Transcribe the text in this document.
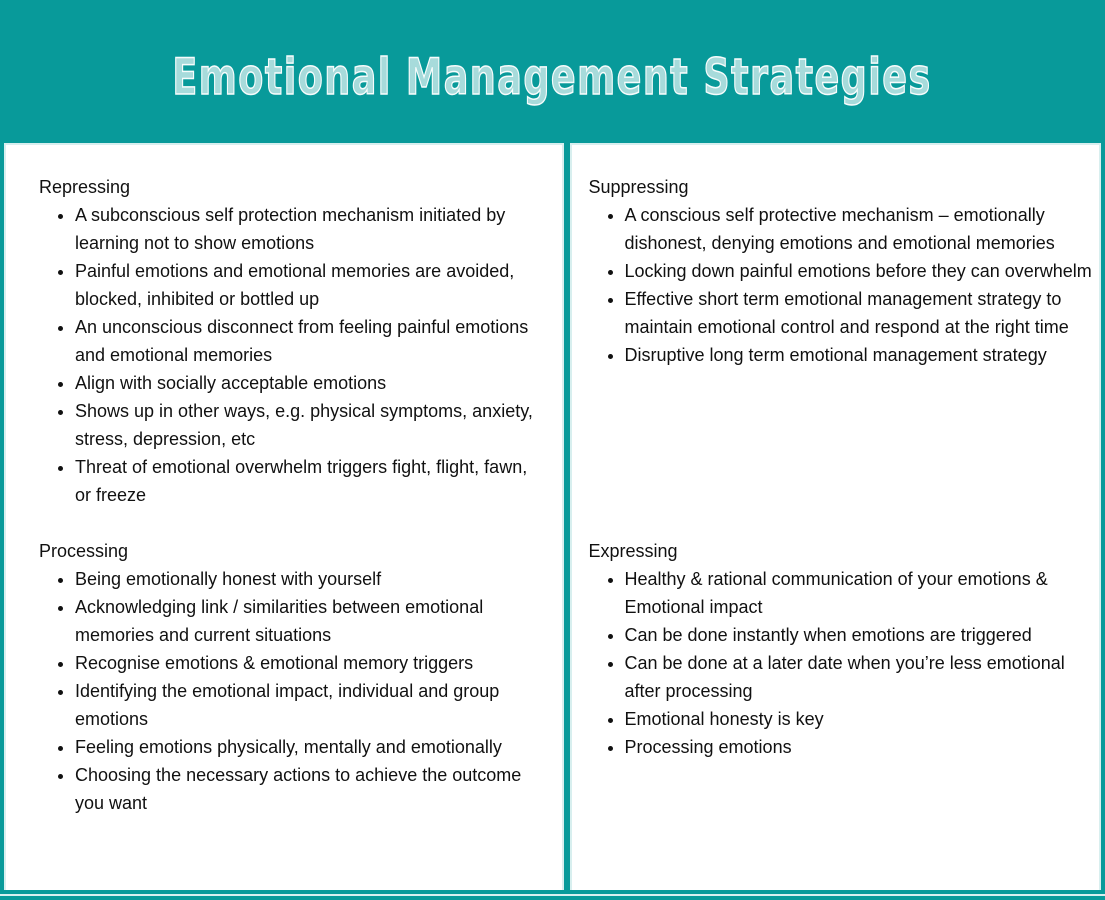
Emotional Management Strategies
Repressing
• A subconscious self protection mechanism initiated by learning not to show emotions
• Painful emotions and emotional memories are avoided, blocked, inhibited or bottled up
• An unconscious disconnect from feeling painful emotions and emotional memories
• Align with socially acceptable emotions
• Shows up in other ways, e.g. physical symptoms, anxiety, stress, depression, etc
• Threat of emotional overwhelm triggers fight, flight, fawn, or freeze
Processing
• Being emotionally honest with yourself
• Acknowledging link / similarities between emotional memories and current situations
• Recognise emotions & emotional memory triggers
• Identifying the emotional impact, individual and group emotions
• Feeling emotions physically, mentally and emotionally
• Choosing the necessary actions to achieve the outcome you want
Suppressing
• A conscious self protective mechanism – emotionally dishonest, denying emotions and emotional memories
• Locking down painful emotions before they can overwhelm
• Effective short term emotional management strategy to maintain emotional control and respond at the right time
• Disruptive long term emotional management strategy
Expressing
• Healthy & rational communication of your emotions & Emotional impact
• Can be done instantly when emotions are triggered
• Can be done at a later date when you’re less emotional after processing
• Emotional honesty is key
• Processing emotions
